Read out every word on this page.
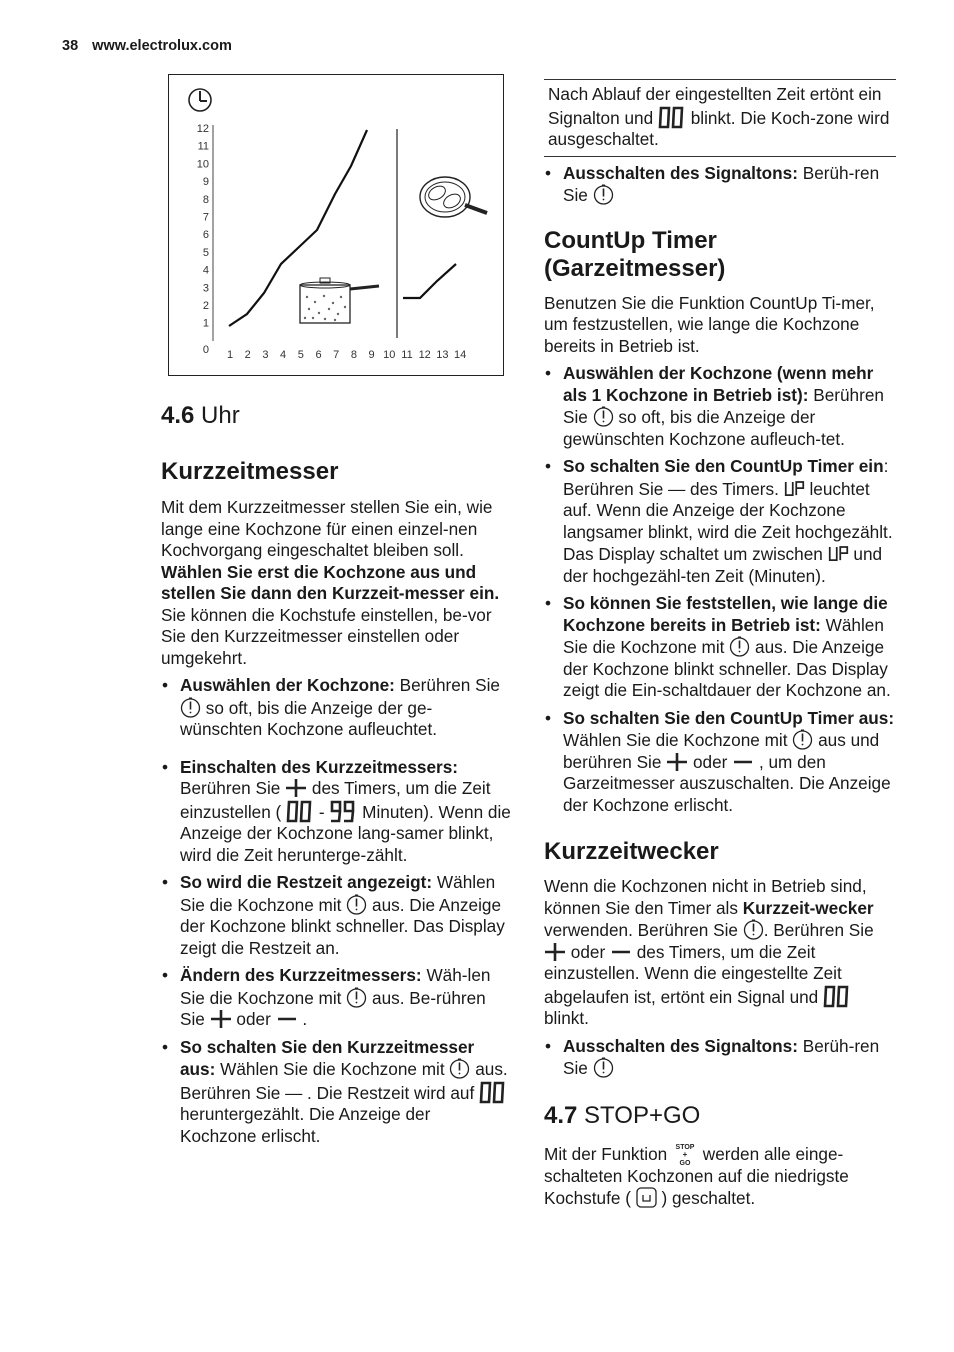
38 www.electrolux.com
12
11
10
9
8
7
6
5
4
3
2
1
0 1 2 3 4 5 6 7 8 9 10 11 12 13 14
4.6 Uhr
Kurzzeitmesser

Mit dem Kurzzeitmesser stellen Sie ein, wie lange eine Kochzone für einen einzel-nen Kochvorgang eingeschaltet bleiben soll.

Wählen Sie erst die Kochzone aus und stellen Sie dann den Kurzzeit-messer ein.

Sie können die Kochstufe einstellen, be-vor Sie den Kurzzeitmesser einstellen oder umgekehrt.

• Auswählen der Kochzone: Berühren Sie  so oft, bis die Anzeige der ge-wünschten Kochzone aufleuchtet.
• Einschalten des Kurzzeitmessers: Berühren Sie des Timers, um die Zeit einzustellen ( - Minuten). Wenn die Anzeige der Kochzone lang-samer blinkt, wird die Zeit herunterge-zählt.
• So wird die Restzeit angezeigt: Wählen Sie die Kochzone mit aus. Die Anzeige der Kochzone blinkt schneller. Das Display zeigt die Restzeit an.
• Ändern des Kurzzeitmessers: Wäh-len Sie die Kochzone mit aus. Be-rühren Sie oder .
• So schalten Sie den Kurzzeitmesser aus: Wählen Sie die Kochzone mit aus. Berühren Sie — . Die Restzeit wird auf  heruntergezählt. Die Anzeige der Kochzone erlischt.
Nach Ablauf der eingestellten Zeit ertönt ein Signalton und blinkt. Die Koch-zone wird ausgeschaltet.
• Ausschalten des Signaltons: Berüh-ren Sie
CountUp Timer (Garzeitmesser)

Benutzen Sie die Funktion CountUp Ti-mer, um festzustellen, wie lange die Kochzone bereits in Betrieb ist.

• Auswählen der Kochzone (wenn mehr als 1 Kochzone in Betrieb ist): Berühren Sie so oft, bis die Anzeige der gewünschten Kochzone aufleuch-tet.
• So schalten Sie den CountUp Timer ein: Berühren Sie — des Timers. leuchtet auf. Wenn die Anzeige der Kochzone langsamer blinkt, wird die Zeit hochgezählt. Das Display schaltet um zwischen und der hochgezähl-ten Zeit (Minuten).
• So können Sie feststellen, wie lange die Kochzone bereits in Betrieb ist: Wählen Sie die Kochzone mit aus. Die Anzeige der Kochzone blinkt schneller. Das Display zeigt die Ein-schaltdauer der Kochzone an.
• So schalten Sie den CountUp Timer aus: Wählen Sie die Kochzone mit aus und berühren Sie oder , um den Garzeitmesser auszuschalten. Die Anzeige der Kochzone erlischt.
Kurzzeitwecker

Wenn die Kochzonen nicht in Betrieb sind, können Sie den Timer als Kurzzeit-wecker verwenden. Berühren Sie . Berühren Sie  oder des Timers, um die Zeit einzustellen. Wenn die eingestellte Zeit abgelaufen ist, ertönt ein Signal und  blinkt.

• Ausschalten des Signaltons: Berüh-ren Sie
4.7 STOP+GO

Mit der Funktion STOP
+
GO werden alle einge-schalteten Kochzonen auf die niedrigste Kochstufe ( ) geschaltet.
